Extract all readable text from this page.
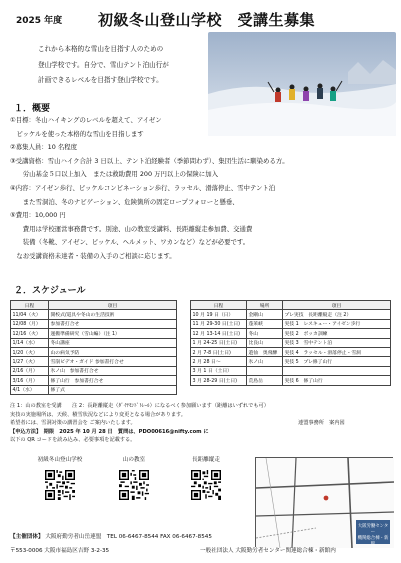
2025 年度 初級冬山登山学校　受講生募集
これから本格的な雪山を目指す人のための
登山学校です。自分で、雪山テント泊山行が
計画できるレベルを目指す登山学校です。
１．概要
①目標：冬山ハイキングのレベルを超えて、アイゼン
　ピッケルを使った本格的な雪山を目指します
②募集人員：10 名程度
③受講資格：雪山ハイク合計 3 日以上、テント泊経験者（季節問わず）、集団生活に馴染める方。
　　労山基金５口以上加入　または救助費用 200 万円以上の保険に加入
④内容：アイゼン歩行、ピッケルコンビネーション歩行、ラッセル、滑落停止、雪中テント泊
　　また雪洞泊、冬のナビゲーション、危険箇所の固定ロープフォローと懸垂、
⑤費用：10,000 円
　　費用は学校運営事務費です。別途、山の教室受講料、長距離縦走参加費、交通費
　　装備（冬靴、アイゼン、ピッケル、ヘルメット、ワカンなど）などが必要です。
　なお受講資格未達者・装備の入手のご相談に応じます。
２．スケジュール
日程	項目
11/04（火）	開校式/道具や冬山の生活技術
12/08（月）	参加書打合せ
12/16（火）	運搬準備研究（雪山編）（注 1）
1/14（水）	冬山講座
1/20（火）	山の病気予防
1/27（火）	雪崩ビデオ・ガイド 参加書打合せ
2/16（月）	氷ノ山　参加書打合せ
3/16（月）	修了山行　参加書打合せ
4/1（水）	修了式
日程	場所	項目
10 月 19 日（日）	金剛山	プレ実技　長距離縦走（注 2）
11 月 29-30 日(土日)	蓬莱峡	実技 1　レスキュー・アイゼン歩行
12 月 13-14 日(土日)	冬山	実技 2　ボッカ訓練
1 月 24-25 日(土日)	比良山	実技 3　雪中テント泊
2 月 7-8 日(土日)	遊仙　奥飛騨	実技 4　ラッセル・滑落停止・雪洞
2 月 28 日～	氷ノ山	実技 5　プレ修了山行
3 月 1 日（土日）		
3 月 28-29 日(土日)	荒島岳	実技 6　修了山行
注 1：山の教室を受講　　注 2：長距離縦走（ﾀﾞｲﾔﾓﾝﾄﾞﾄﾚｰﾙ）になるべく参加願います（距離はいずれでも可）
実技の実施場所は、天候、積雪状況などにより変更となる場合があります。
希望者には、雪洞対策の講習会を ご案内いたします。
【申込方法】　期限　2025 年 10 月 28 日　質問は、PDO00616@nifty.com に
以下の QR コードを読み込み、必要事項を記載する。
連盟事務所　案内図
初級冬山登山学校	山の教室	長距離縦走
大阪労働センター
機関総合棟・新館
【主催団体】 大阪府勤労者山岳連盟　TEL 06-6467-8544 FAX 06-6467-8545
〒553-0006 大阪市福島区吉野 3-2-35	一般社団法人 大阪勤労者センター関連総合棟・新館内
